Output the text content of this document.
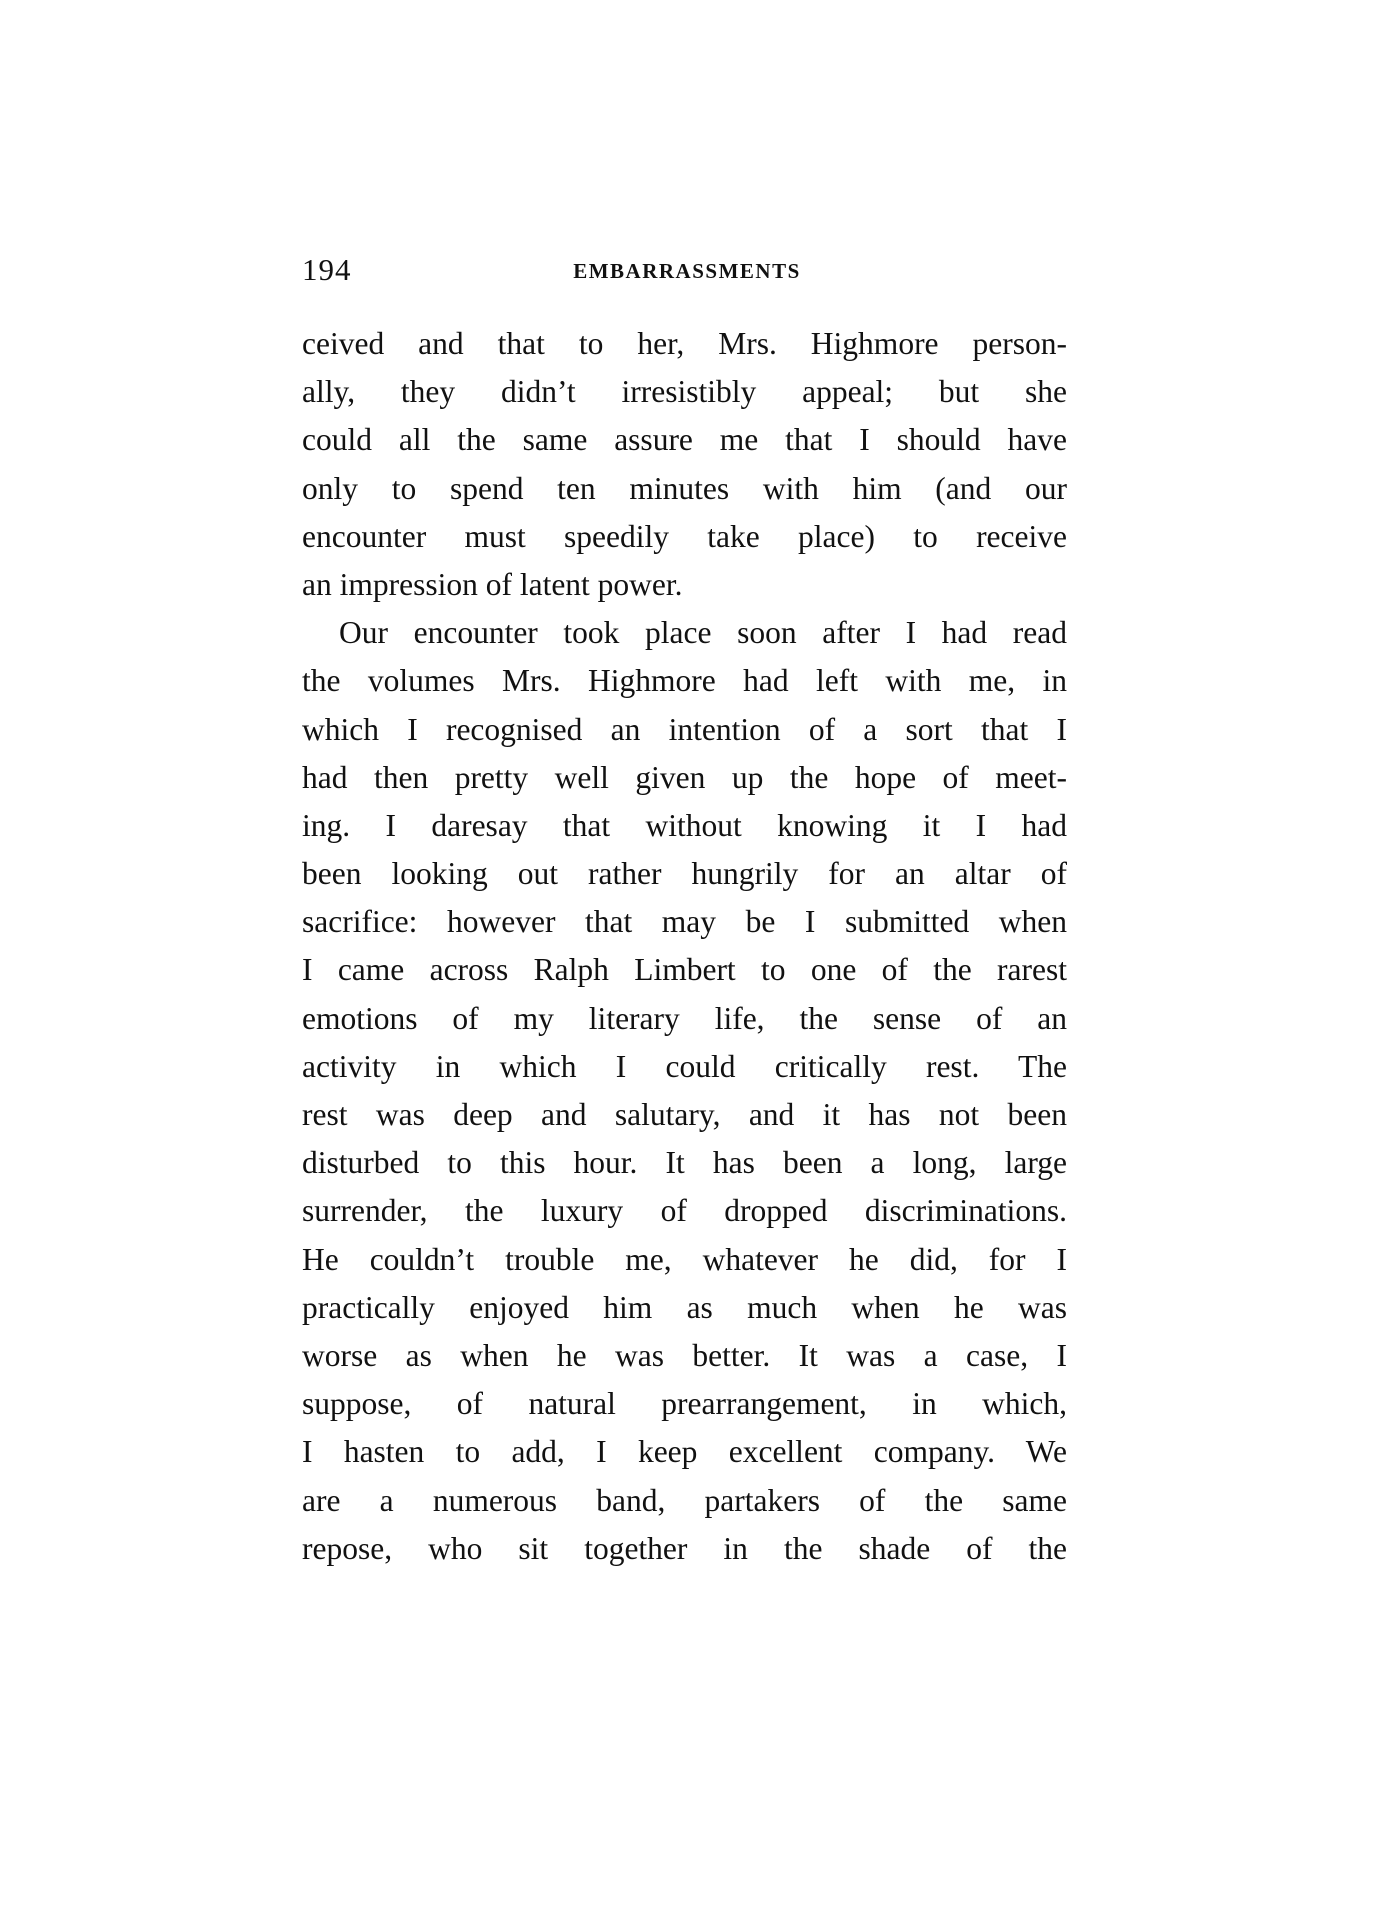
194	EMBARRASSMENTS
ceived and that to her, Mrs. Highmore person-
ally, they didn’t irresistibly appeal; but she
could all the same assure me that I should have
only to spend ten minutes with him (and our
encounter must speedily take place) to receive
an impression of latent power.
Our encounter took place soon after I had read
the volumes Mrs. Highmore had left with me, in
which I recognised an intention of a sort that I
had then pretty well given up the hope of meet-
ing. I daresay that without knowing it I had
been looking out rather hungrily for an altar of
sacrifice: however that may be I submitted when
I came across Ralph Limbert to one of the rarest
emotions of my literary life, the sense of an
activity in which I could critically rest. The
rest was deep and salutary, and it has not been
disturbed to this hour. It has been a long, large
surrender, the luxury of dropped discriminations.
He couldn’t trouble me, whatever he did, for I
practically enjoyed him as much when he was
worse as when he was better. It was a case, I
suppose, of natural prearrangement, in which,
I hasten to add, I keep excellent company. We
are a numerous band, partakers of the same
repose, who sit together in the shade of the
